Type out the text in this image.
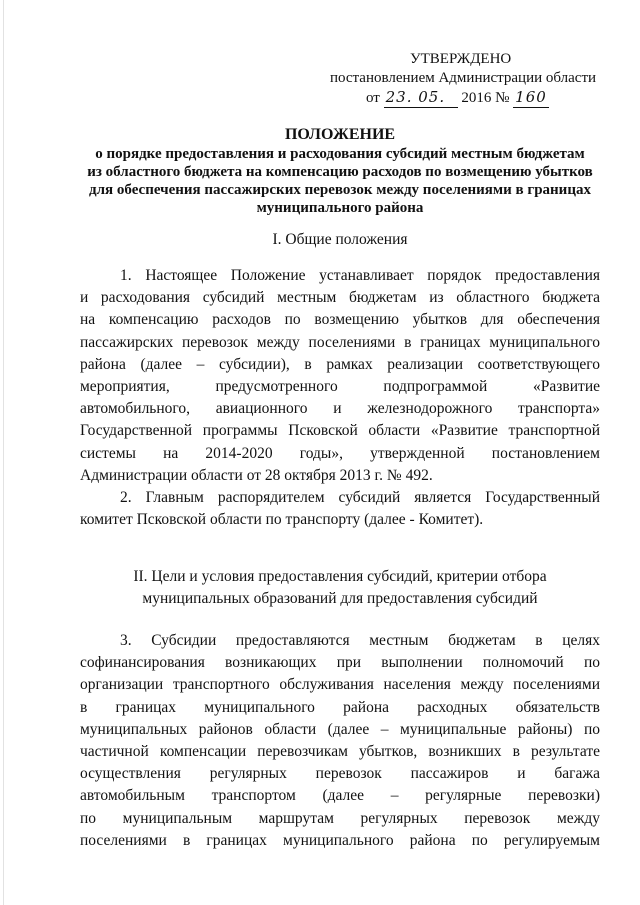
УТВЕРЖДЕНО
постановлением Администрации области
от 23. 05. 2016 № 160
ПОЛОЖЕНИЕ
о порядке предоставления и расходования субсидий местным бюджетам
из областного бюджета на компенсацию расходов по возмещению убытков
для обеспечения пассажирских перевозок между поселениями в границах
муниципального района
I. Общие положения
1. Настоящее Положение устанавливает порядок предоставления
и расходования субсидий местным бюджетам из областного бюджета
на компенсацию расходов по возмещению убытков для обеспечения
пассажирских перевозок между поселениями в границах муниципального
района (далее – субсидии), в рамках реализации соответствующего
мероприятия, предусмотренного подпрограммой «Развитие
автомобильного, авиационного и железнодорожного транспорта»
Государственной программы Псковской области «Развитие транспортной
системы на 2014-2020 годы», утвержденной постановлением
Администрации области от 28 октября 2013 г. № 492.
2. Главным распорядителем субсидий является Государственный
комитет Псковской области по транспорту (далее - Комитет).
II. Цели и условия предоставления субсидий, критерии отбора
муниципальных образований для предоставления субсидий
3. Субсидии предоставляются местным бюджетам в целях
софинансирования возникающих при выполнении полномочий по
организации транспортного обслуживания населения между поселениями
в границах муниципального района расходных обязательств
муниципальных районов области (далее – муниципальные районы) по
частичной компенсации перевозчикам убытков, возникших в результате
осуществления регулярных перевозок пассажиров и багажа
автомобильным транспортом (далее – регулярные перевозки)
по муниципальным маршрутам регулярных перевозок между
поселениями в границах муниципального района по регулируемым
